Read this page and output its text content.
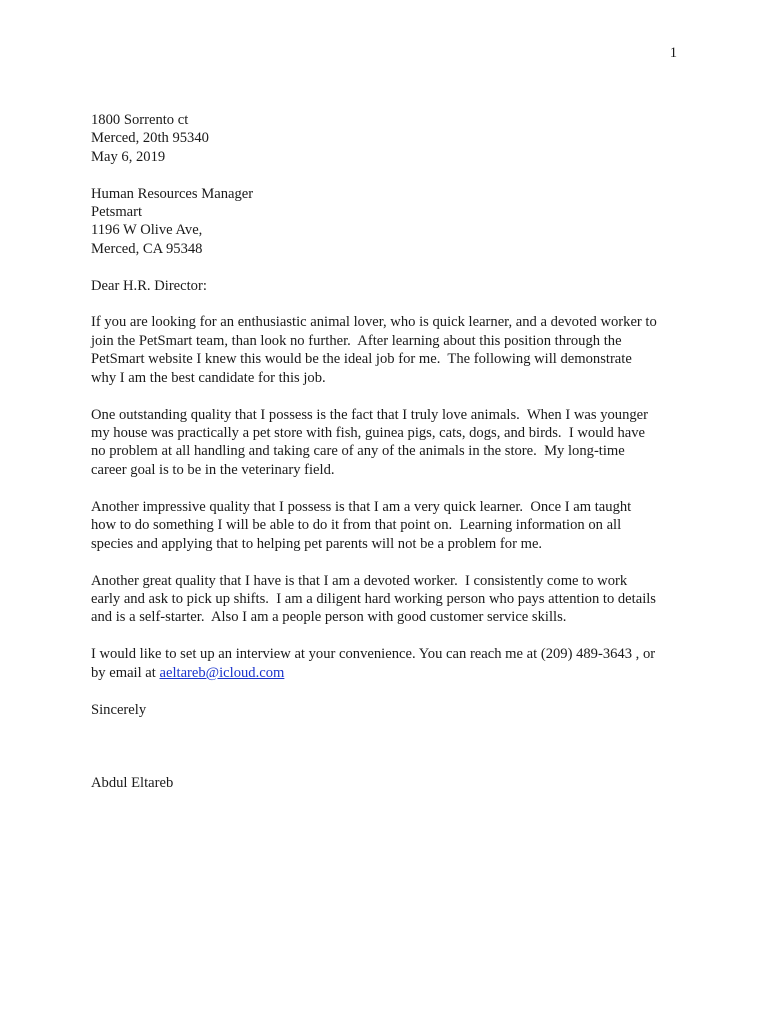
1
1800 Sorrento ct
Merced, 20th 95340
May 6, 2019
Human Resources Manager
Petsmart
1196 W Olive Ave,
Merced, CA 95348
Dear H.R. Director:
If you are looking for an enthusiastic animal lover, who is quick learner, and a devoted worker to
join the PetSmart team, than look no further.  After learning about this position through the
PetSmart website I knew this would be the ideal job for me.  The following will demonstrate
why I am the best candidate for this job.
One outstanding quality that I possess is the fact that I truly love animals.  When I was younger
my house was practically a pet store with fish, guinea pigs, cats, dogs, and birds.  I would have
no problem at all handling and taking care of any of the animals in the store.  My long-time
career goal is to be in the veterinary field.
Another impressive quality that I possess is that I am a very quick learner.  Once I am taught
how to do something I will be able to do it from that point on.  Learning information on all
species and applying that to helping pet parents will not be a problem for me.
Another great quality that I have is that I am a devoted worker.  I consistently come to work
early and ask to pick up shifts.  I am a diligent hard working person who pays attention to details
and is a self-starter.  Also I am a people person with good customer service skills.
I would like to set up an interview at your convenience. You can reach me at (209) 489-3643 , or
by email at aeltareb@icloud.com
Sincerely
Abdul Eltareb
